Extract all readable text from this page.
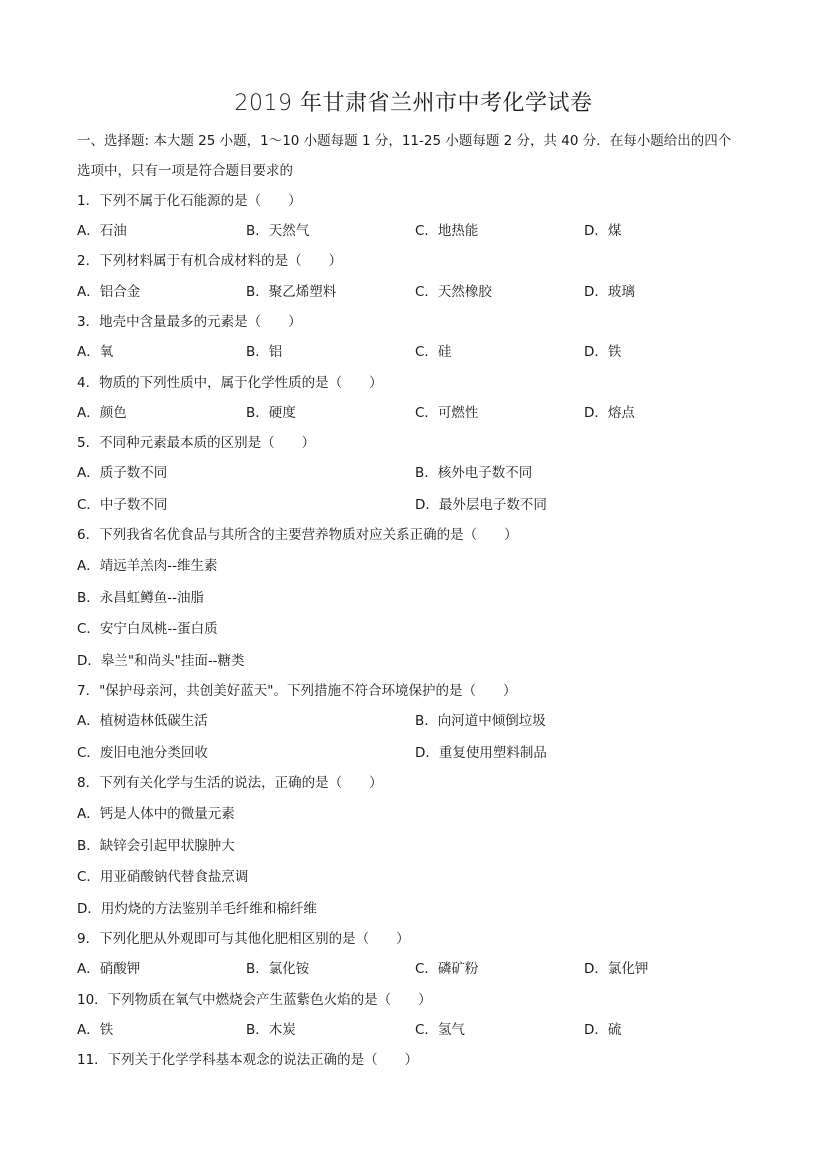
2019 年甘肃省兰州市中考化学试卷
一、选择题: 本大题 25 小题，1～10 小题每题 1 分，11-25 小题每题 2 分，共 40 分．在每小题给出的四个
选项中，只有一项是符合题目要求的
1．下列不属于化石能源的是（　　）
A．石油	B．天然气	C．地热能	D．煤
2．下列材料属于有机合成材料的是（　　）
A．铝合金	B．聚乙烯塑料	C．天然橡胶	D．玻璃
3．地壳中含量最多的元素是（　　）
A．氧	B．铝	C．硅	D．铁
4．物质的下列性质中，属于化学性质的是（　　）
A．颜色	B．硬度	C．可燃性	D．熔点
5．不同种元素最本质的区别是（　　）
A．质子数不同	B．核外电子数不同
C．中子数不同	D．最外层电子数不同
6．下列我省名优食品与其所含的主要营养物质对应关系正确的是（　　）
A．靖远羊羔肉--维生素
B．永昌虹鳟鱼--油脂
C．安宁白凤桃--蛋白质
D．皋兰"和尚头"挂面--糖类
7．"保护母亲河，共创美好蓝天"。下列措施不符合环境保护的是（　　）
A．植树造林低碳生活	B．向河道中倾倒垃圾
C．废旧电池分类回收	D．重复使用塑料制品
8．下列有关化学与生活的说法，正确的是（　　）
A．钙是人体中的微量元素
B．缺锌会引起甲状腺肿大
C．用亚硝酸钠代替食盐烹调
D．用灼烧的方法鉴别羊毛纤维和棉纤维
9．下列化肥从外观即可与其他化肥相区别的是（　　）
A．硝酸钾	B．氯化铵	C．磷矿粉	D．氯化钾
10．下列物质在氧气中燃烧会产生蓝紫色火焰的是（　　）
A．铁	B．木炭	C．氢气	D．硫
11．下列关于化学学科基本观念的说法正确的是（　　）
